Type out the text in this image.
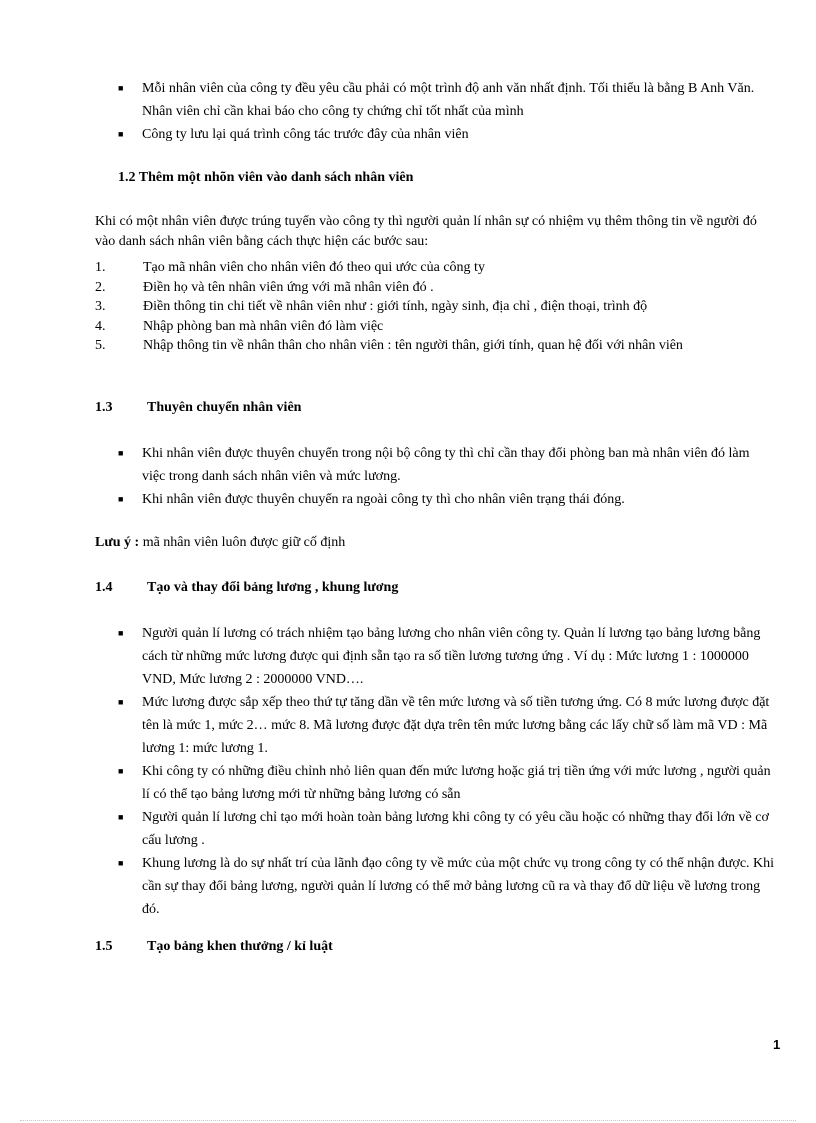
■ Mỗi nhân viên của công ty đều yêu cầu phải có một trình độ anh văn nhất định. Tối thiểu là bằng B Anh Văn. Nhân viên chỉ cần khai báo cho công ty chứng chỉ tốt nhất của mình
■ Công ty lưu lại quá trình công tác trước đây của nhân viên
1.2 Thêm một nhõn viên vào danh sách nhân viên

Khi có một nhân viên được trúng tuyển vào công ty thì người quản lí nhân sự có nhiệm vụ thêm thông tin về người đó vào danh sách nhân viên bằng cách thực hiện các bước sau:

1.	Tạo mã nhân viên cho nhân viên đó theo qui ước của công ty
2.	Điền họ và tên nhân viên ứng với mã nhân viên đó .
3.	Điền thông tin chi tiết về nhân viên như : giới tính, ngày sinh, địa chỉ , điện thoại, trình độ
4.	Nhập phòng ban mà nhân viên đó làm việc
5.	Nhập thông tin về nhân thân cho nhân viên : tên người thân, giới tính, quan hệ đối với nhân viên
1.3 Thuyên chuyển nhân viên
■ Khi nhân viên được thuyên chuyển trong nội bộ công ty thì chỉ cần thay đổi phòng ban mà nhân viên đó làm việc trong danh sách nhân viên và mức lương.
■ Khi nhân viên được thuyên chuyển ra ngoài công ty thì cho nhân viên trạng thái đóng.
Lưu ý : mã nhân viên luôn được giữ cố định
1.4 Tạo và thay đổi bảng lương , khung lương
■ Người quản lí lương có trách nhiệm tạo bảng lương cho nhân viên công ty. Quản lí lương tạo bảng lương bằng cách từ những mức lương được qui định sẵn tạo ra số tiền lương tương ứng . Ví dụ : Mức lương 1 : 1000000 VND, Mức lương 2 : 2000000 VND….
■ Mức lương được sắp xếp theo thứ tự tăng dần về tên mức lương và số tiền tương ứng. Có 8 mức lương được đặt tên là mức 1, mức 2… mức 8. Mã lương được đặt dựa trên tên mức lương bằng các lấy chữ số làm mã VD : Mã lương 1: mức lương 1.
■ Khi công ty có những điều chỉnh nhỏ liên quan đến mức lương hoặc giá trị tiền ứng với mức lương , người quản lí có thể tạo bảng lương mới từ những bảng lương có sẵn
■ Người quản lí lương chỉ tạo mới hoàn toàn bảng lương khi công ty có yêu cầu hoặc có những thay đổi lớn về cơ cấu lương .
■ Khung lương là do sự nhất trí của lãnh đạo công ty về mức của một chức vụ trong công ty có thể nhận được. Khi cần sự thay đổi bảng lương, người quản lí lương có thể mở bảng lương cũ ra và thay đổ dữ liệu về lương trong đó.
1.5 Tạo bảng khen thưởng / kỉ luật
1
